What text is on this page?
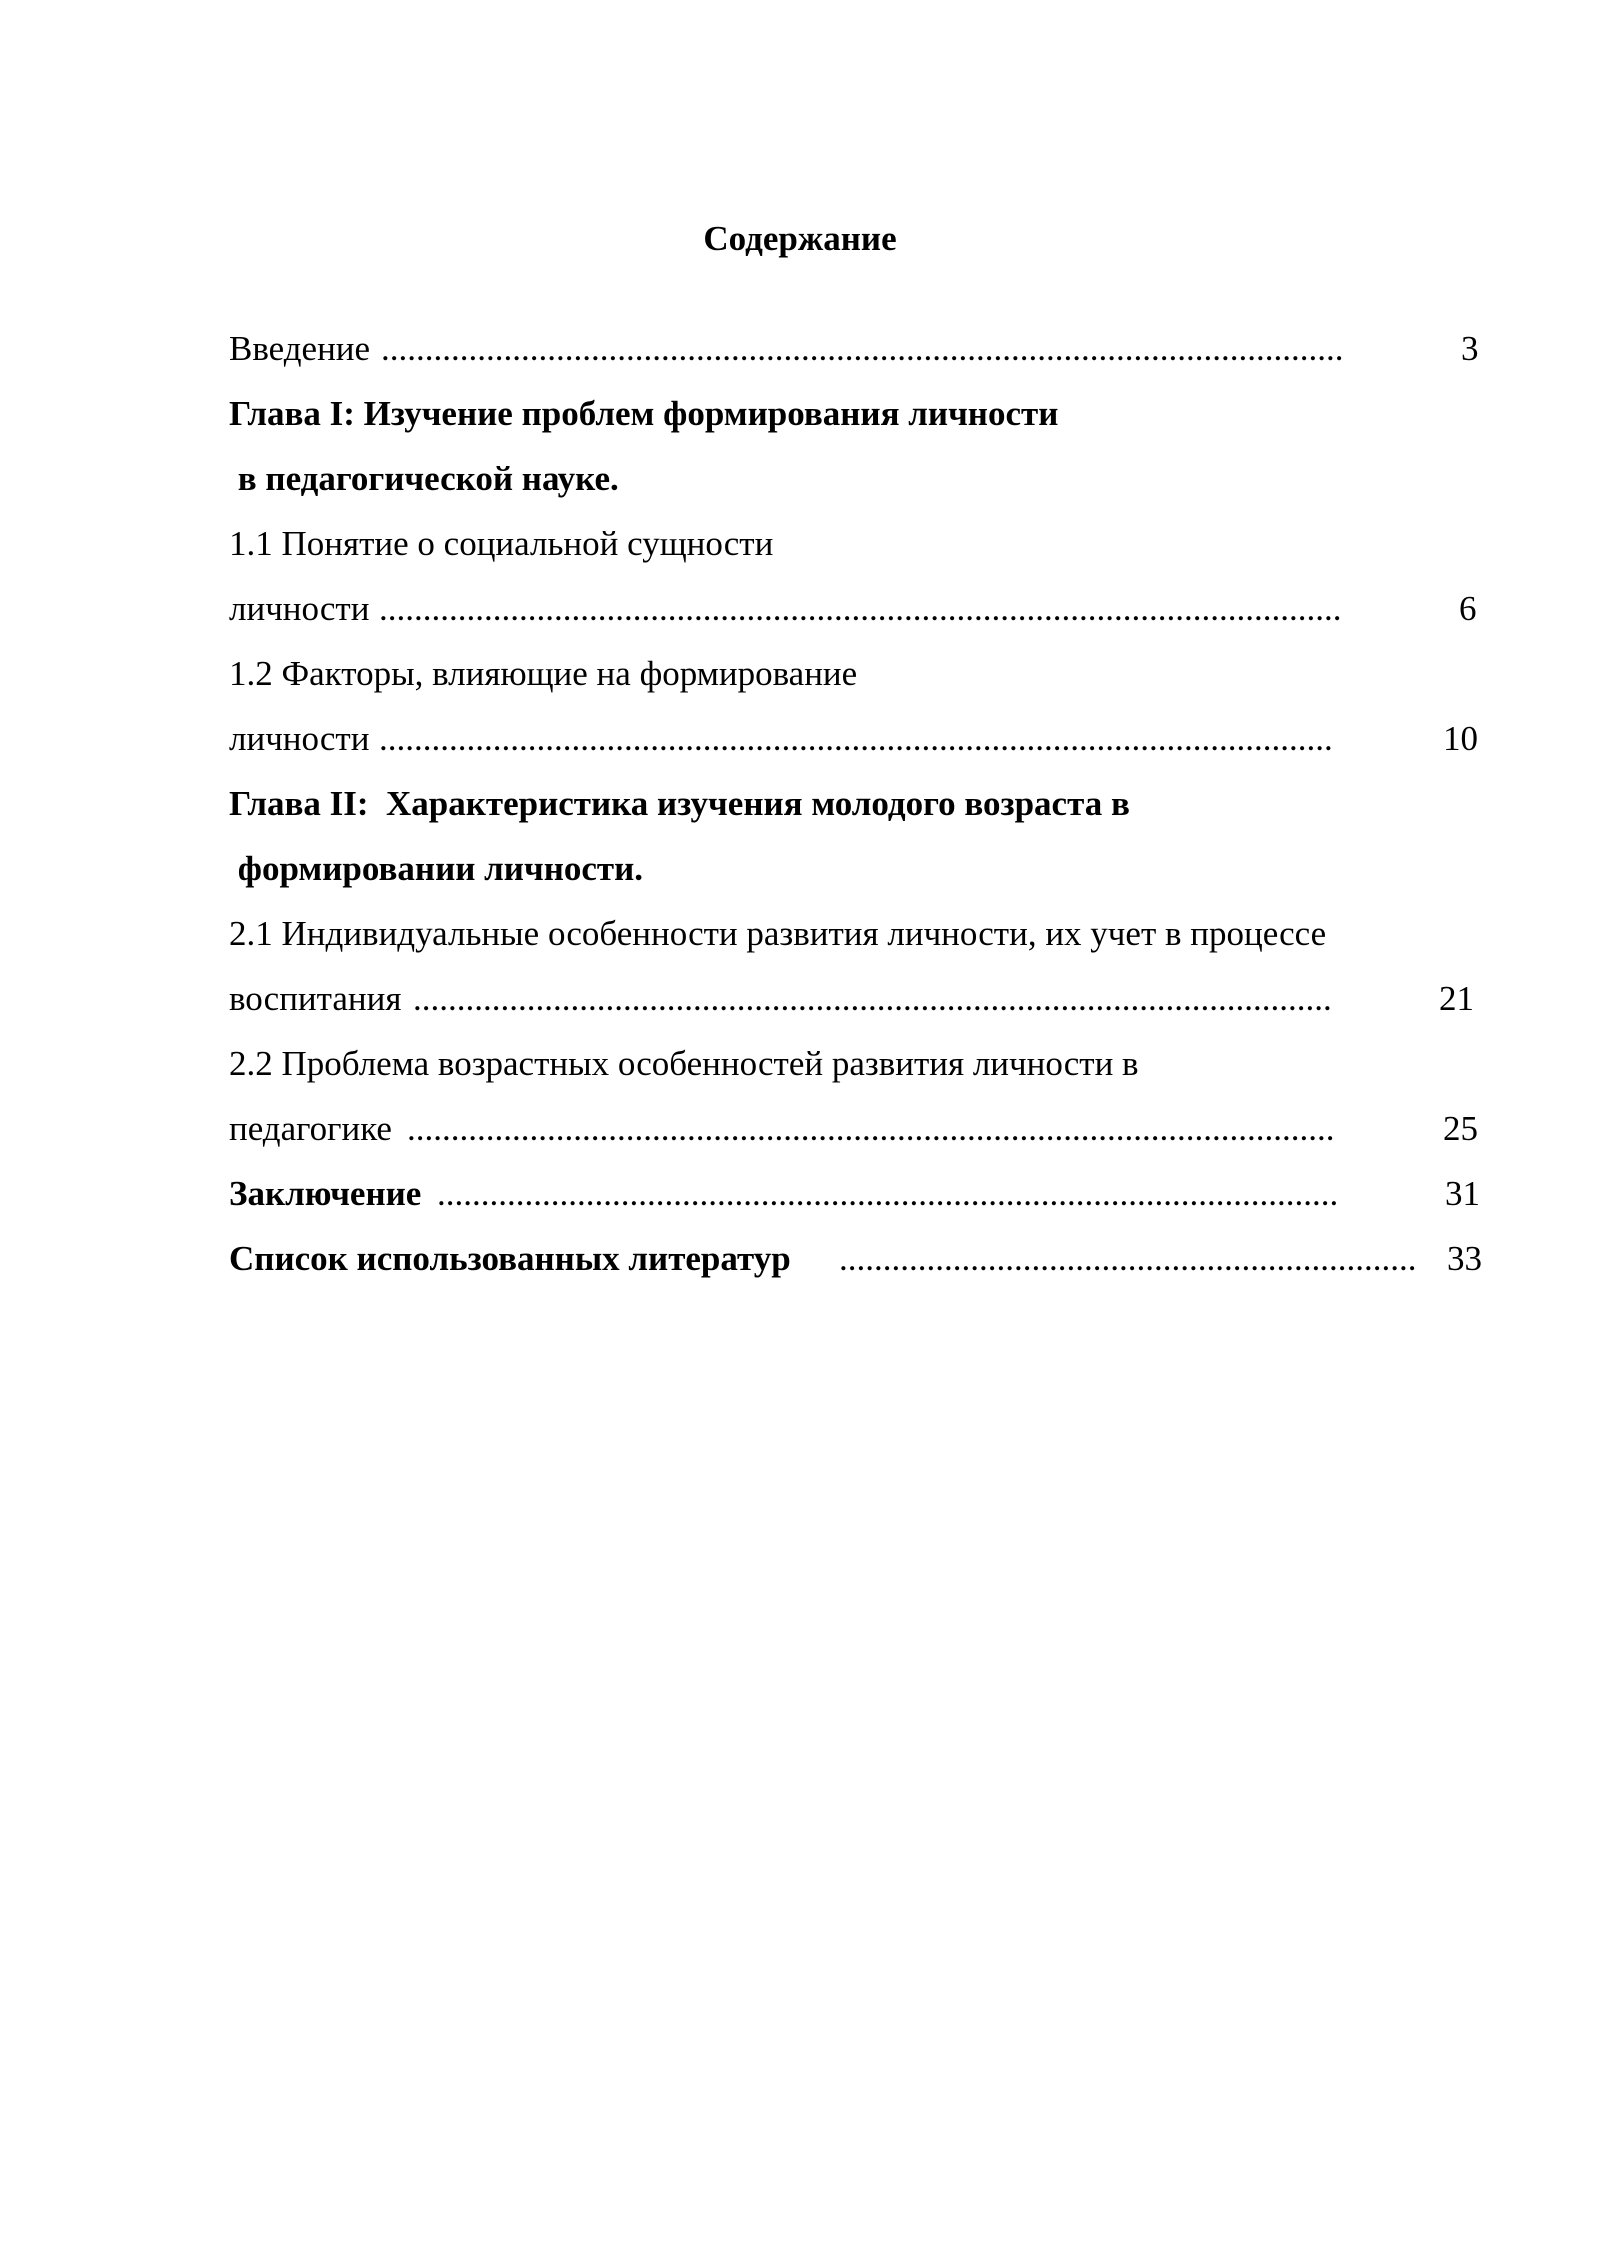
Содержание
Введение ..............................................................................................................	3
Глава I: Изучение проблем формирования личности
в педагогической науке.
1.1 Понятие о социальной сущности
личности ..............................................................................................................	6
1.2 Факторы, влияющие на формирование
личности .............................................................................................................	10
Глава II:  Характеристика изучения молодого возраста в
формировании личности.
2.1 Индивидуальные особенности развития личности, их учет в процессе
воспитания .........................................................................................................	21
2.2 Проблема возрастных особенностей развития личности в
педагогике ..........................................................................................................	25
Заключение .......................................................................................................	31
Список использованных литератур .................................................................. 33
